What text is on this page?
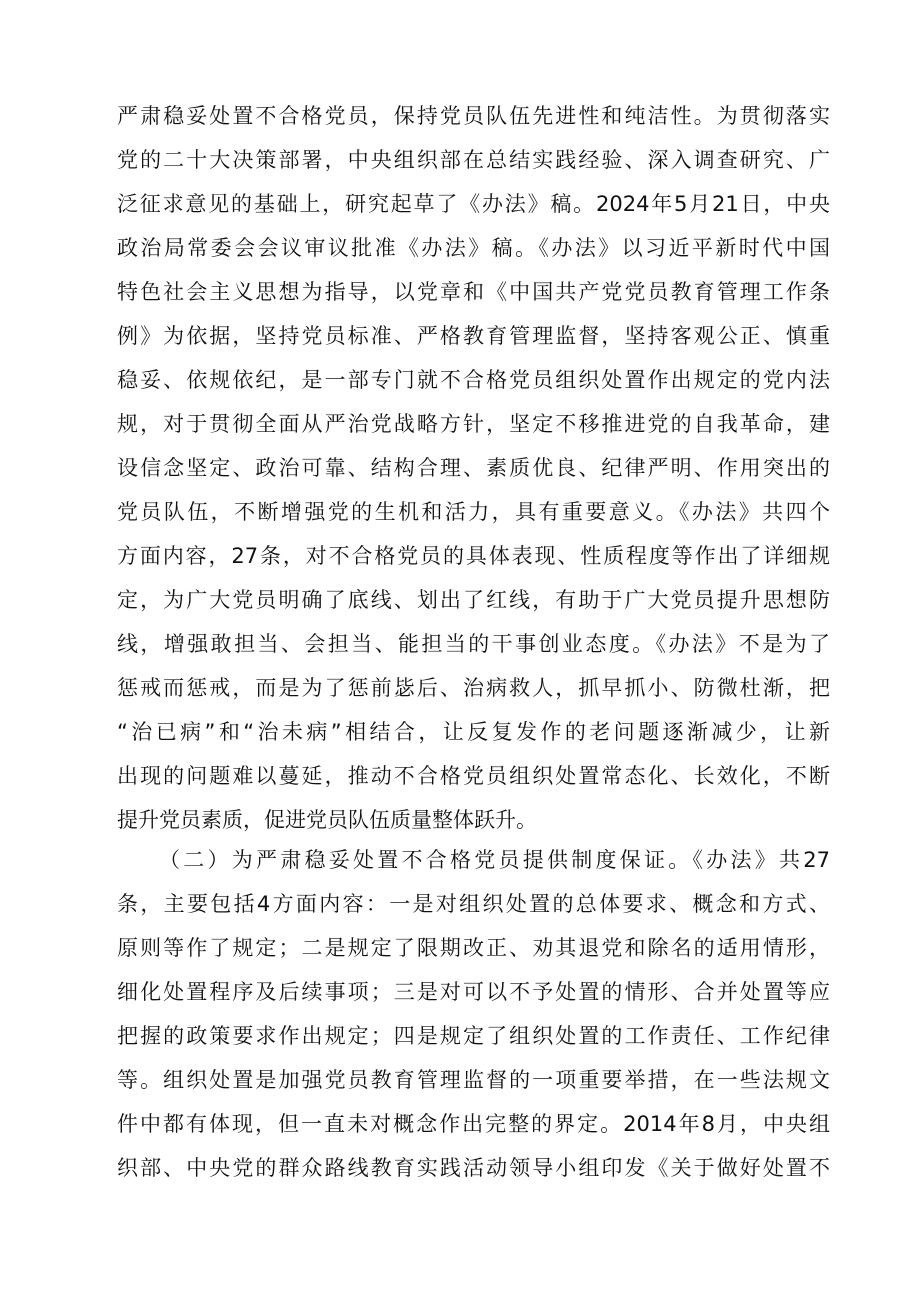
严肃稳妥处置不合格党员，保持党员队伍先进性和纯洁性。为贯彻落实
党的二十大决策部署，中央组织部在总结实践经验、深入调查研究、广
泛征求意见的基础上，研究起草了《办法》稿。2024年5月21日，中央
政治局常委会会议审议批准《办法》稿。《办法》以习近平新时代中国
特色社会主义思想为指导，以党章和《中国共产党党员教育管理工作条
例》为依据，坚持党员标准、严格教育管理监督，坚持客观公正、慎重
稳妥、依规依纪，是一部专门就不合格党员组织处置作出规定的党内法
规，对于贯彻全面从严治党战略方针，坚定不移推进党的自我革命，建
设信念坚定、政治可靠、结构合理、素质优良、纪律严明、作用突出的
党员队伍，不断增强党的生机和活力，具有重要意义。《办法》共四个
方面内容，27条，对不合格党员的具体表现、性质程度等作出了详细规
定，为广大党员明确了底线、划出了红线，有助于广大党员提升思想防
线，增强敢担当、会担当、能担当的干事创业态度。《办法》不是为了
惩戒而惩戒，而是为了惩前毖后、治病救人，抓早抓小、防微杜渐，把
“治已病”和“治未病”相结合，让反复发作的老问题逐渐减少，让新
出现的问题难以蔓延，推动不合格党员组织处置常态化、长效化，不断
提升党员素质，促进党员队伍质量整体跃升。
（二）为严肃稳妥处置不合格党员提供制度保证。《办法》共27
条，主要包括4方面内容：一是对组织处置的总体要求、概念和方式、
原则等作了规定；二是规定了限期改正、劝其退党和除名的适用情形，
细化处置程序及后续事项；三是对可以不予处置的情形、合并处置等应
把握的政策要求作出规定；四是规定了组织处置的工作责任、工作纪律
等。组织处置是加强党员教育管理监督的一项重要举措，在一些法规文
件中都有体现，但一直未对概念作出完整的界定。2014年8月，中央组
织部、中央党的群众路线教育实践活动领导小组印发《关于做好处置不
